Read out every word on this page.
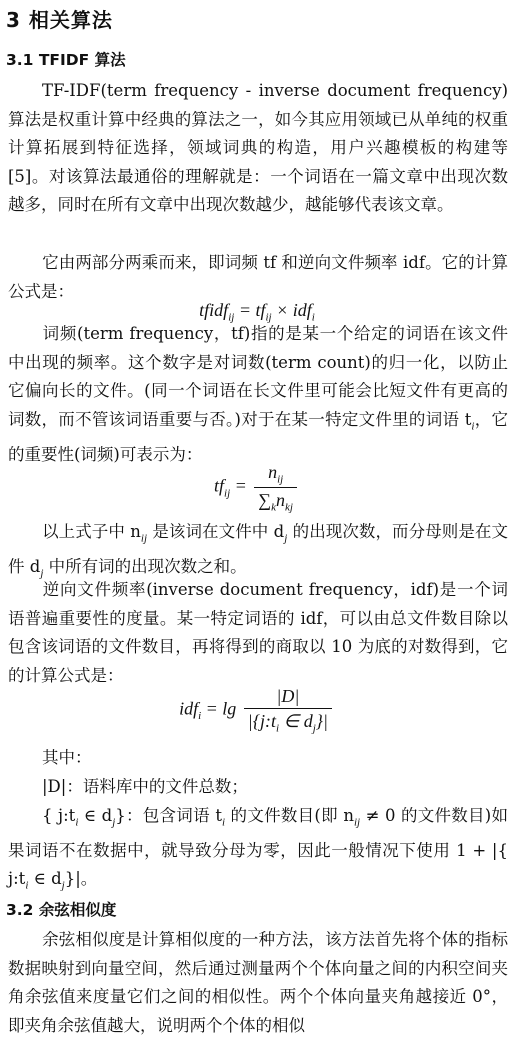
3 相关算法
3.1 TFIDF 算法

TF-IDF(term frequency - inverse document frequency)算法是权重计算中经典的算法之一，如今其应用领域已从单纯的权重计算拓展到特征选择，领域词典的构造，用户兴趣模板的构建等[5]。对该算法最通俗的理解就是：一个词语在一篇文章中出现次数越多，同时在所有文章中出现次数越少，越能够代表该文章。

它由两部分两乘而来，即词频 tf 和逆向文件频率 idf。它的计算公式是：

tfidf$_{ij}$ = $tf_{ij} \times idf_i$

词频(term frequency，tf)指的是某一个给定的词语在该文件中出现的频率。这个数字是对词数(term count)的归一化，以防止它偏向长的文件。(同一个词语在长文件里可能会比短文件有更高的词数，而不管该词语重要与否。)对于在某一特定文件里的词语 $t_i$，它的重要性(词频)可表示为：

$tf_{ij} = \frac{n_{ij}}{\sum_kn_{kj}}$

以上式子中 $n_{ij}$ 是该词在文件中 $d_j$ 的出现次数，而分母则是在文件 $d_j$ 中所有词的出现次数之和。

逆向文件频率(inverse document frequency，idf)是一个词语普遍重要性的度量。某一特定词语的 idf，可以由总文件数目除以包含该词语的文件数目，再将得到的商取以 10 为底的对数得到，它的计算公式是：

$idf_i = \lg \frac{|D|}{|\{j:t_i \in d_j\}|}$

其中：

|D|：语料库中的文件总数；

{ $j:t_i$ ∈ $d_j$}：包含词语 $t_i$ 的文件数目(即 $n_{ij} \ne 0$ 的文件数目)如果词语不在数据中，就导致分母为零，因此一般情况下使用 1 + |{ $j:t_i$ ∈ $d_j\}|$。

3.2 余弦相似度

余弦相似度是计算相似度的一种方法，该方法首先将个体的指标数据映射到向量空间，然后通过测量两个个体向量之间的内积空间夹角余弦值来度量它们之间的相似性。两个个体向量夹角越接近 0°，即夹角余弦值越大，说明两个个体的相似
